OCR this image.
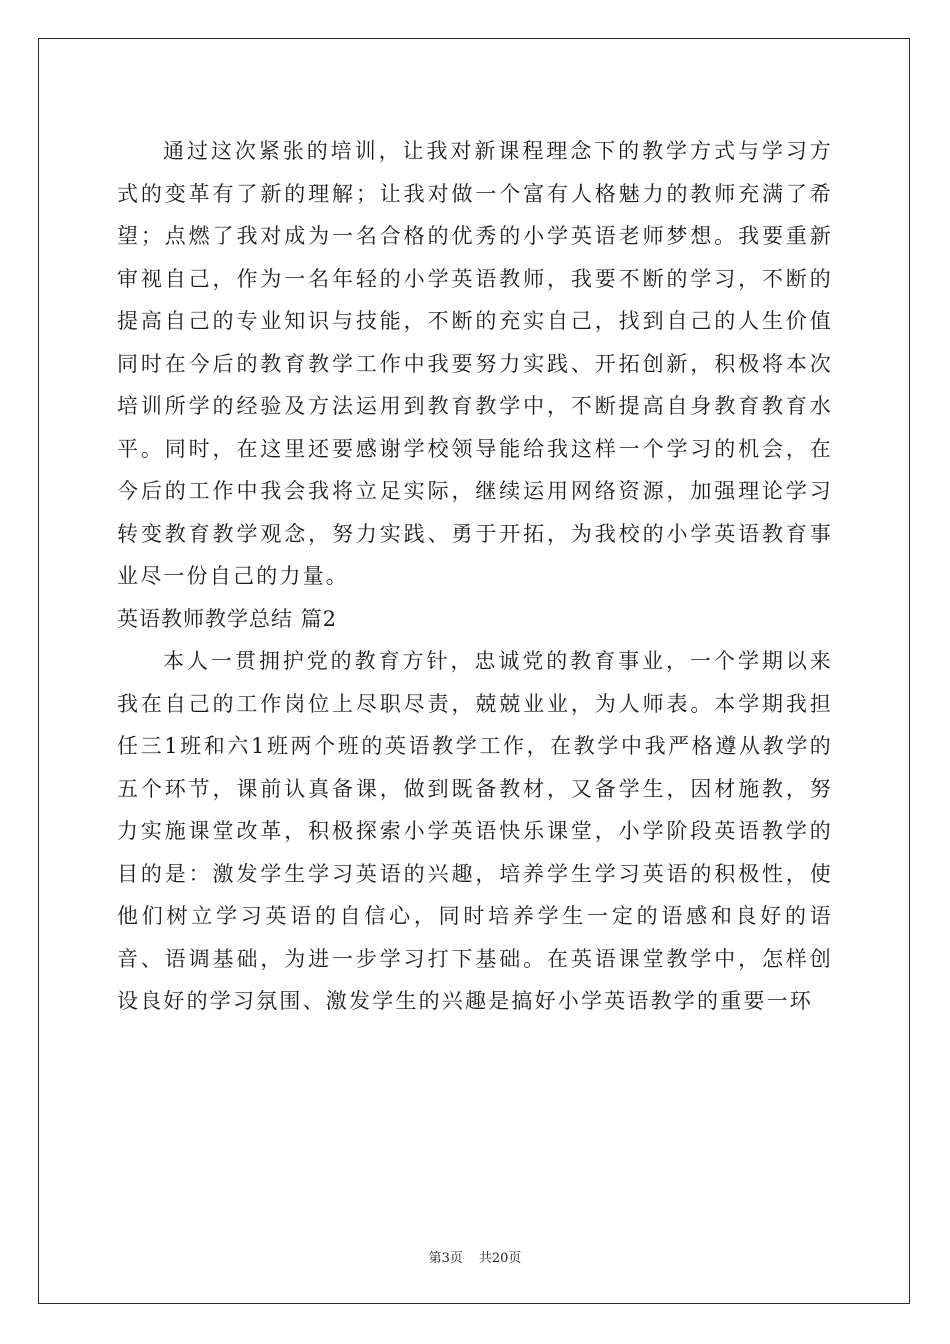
通过这次紧张的培训，让我对新课程理念下的教学方式与学习方式的变革有了新的理解；让我对做一个富有人格魅力的教师充满了希望；点燃了我对成为一名合格的优秀的小学英语老师梦想。我要重新审视自己，作为一名年轻的小学英语教师，我要不断的学习，不断的提高自己的专业知识与技能，不断的充实自己，找到自己的人生价值同时在今后的教育教学工作中我要努力实践、开拓创新，积极将本次培训所学的经验及方法运用到教育教学中，不断提高自身教育教育水平。同时，在这里还要感谢学校领导能给我这样一个学习的机会，在今后的工作中我会我将立足实际，继续运用网络资源，加强理论学习转变教育教学观念，努力实践、勇于开拓，为我校的小学英语教育事业尽一份自己的力量。

英语教师教学总结 篇2

本人一贯拥护党的教育方针，忠诚党的教育事业，一个学期以来我在自己的工作岗位上尽职尽责，兢兢业业，为人师表。本学期我担任三1班和六1班两个班的英语教学工作，在教学中我严格遵从教学的五个环节，课前认真备课，做到既备教材，又备学生，因材施教，努力实施课堂改革，积极探索小学英语快乐课堂，小学阶段英语教学的目的是：激发学生学习英语的兴趣，培养学生学习英语的积极性，使他们树立学习英语的自信心，同时培养学生一定的语感和良好的语音、语调基础，为进一步学习打下基础。在英语课堂教学中，怎样创设良好的学习氛围、激发学生的兴趣是搞好小学英语教学的重要一环

第3页 共20页
